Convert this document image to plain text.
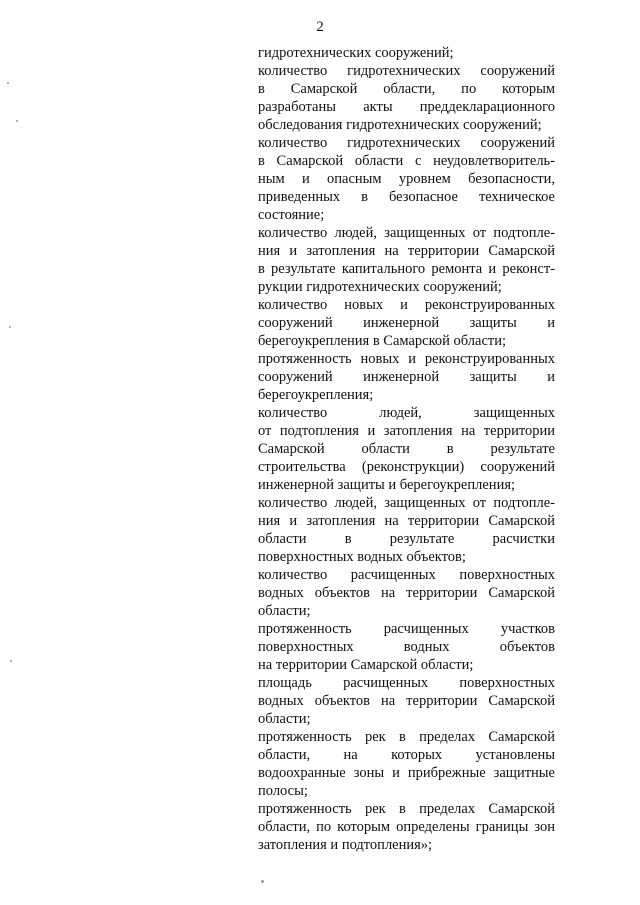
2
гидротехнических сооружений;
количество гидротехнических сооружений
в Самарской области, по которым
разработаны акты преддекларационного
обследования гидротехнических сооружений;
количество гидротехнических сооружений
в Самарской области с неудовлетворитель-
ным и опасным уровнем безопасности,
приведенных в безопасное техническое
состояние;
количество людей, защищенных от подтопле-
ния и затопления на территории Самарской
в результате капитального ремонта и реконст-
рукции гидротехнических сооружений;
количество новых и реконструированных
сооружений инженерной защиты и
берегоукрепления в Самарской области;
протяженность новых и реконструированных
сооружений инженерной защиты и
берегоукрепления;
количество людей, защищенных
от подтопления и затопления на территории
Самарской области в результате
строительства (реконструкции) сооружений
инженерной защиты и берегоукрепления;
количество людей, защищенных от подтопле-
ния и затопления на территории Самарской
области в результате расчистки
поверхностных водных объектов;
количество расчищенных поверхностных
водных объектов на территории Самарской
области;
протяженность расчищенных участков
поверхностных водных объектов
на территории Самарской области;
площадь расчищенных поверхностных
водных объектов на территории Самарской
области;
протяженность рек в пределах Самарской
области, на которых установлены
водоохранные зоны и прибрежные защитные
полосы;
протяженность рек в пределах Самарской
области, по которым определены границы зон
затопления и подтопления»;
